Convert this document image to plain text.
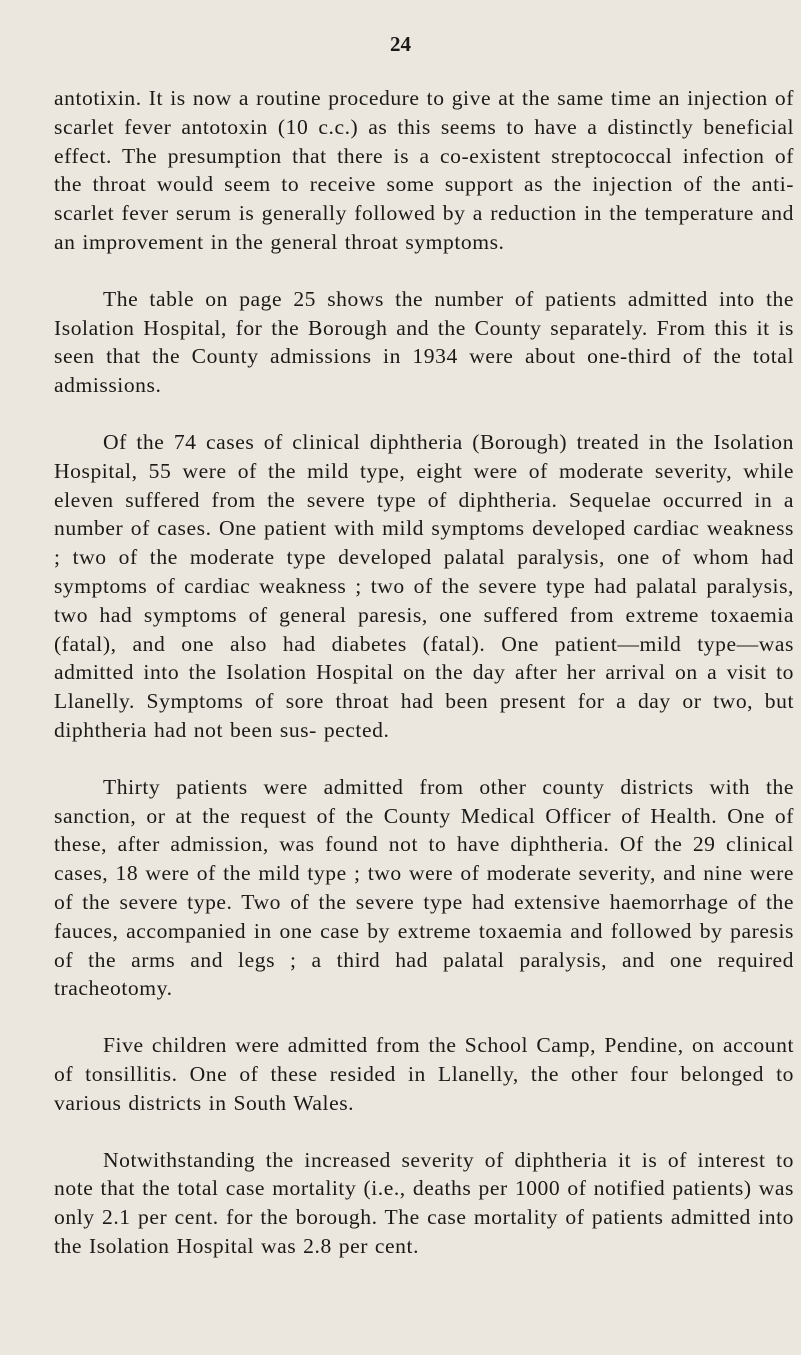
24

antotixin. It is now a routine procedure to give at the same time an injection of scarlet fever antotoxin (10 c.c.) as this seems to have a distinctly beneficial effect. The presumption that there is a co-existent streptococcal infection of the throat would seem to receive some support as the injection of the anti-scarlet fever serum is generally followed by a reduction in the temperature and an improvement in the general throat symptoms.

The table on page 25 shows the number of patients admitted into the Isolation Hospital, for the Borough and the County separately. From this it is seen that the County admissions in 1934 were about one-third of the total admissions.

Of the 74 cases of clinical diphtheria (Borough) treated in the Isolation Hospital, 55 were of the mild type, eight were of moderate severity, while eleven suffered from the severe type of diphtheria. Sequelae occurred in a number of cases. One patient with mild symptoms developed cardiac weakness ; two of the moderate type developed palatal paralysis, one of whom had symptoms of cardiac weakness ; two of the severe type had palatal paralysis, two had symptoms of general paresis, one suffered from extreme toxaemia (fatal), and one also had diabetes (fatal). One patient—mild type—was admitted into the Isolation Hospital on the day after her arrival on a visit to Llanelly. Symptoms of sore throat had been present for a day or two, but diphtheria had not been sus- pected.

Thirty patients were admitted from other county districts with the sanction, or at the request of the County Medical Officer of Health. One of these, after admission, was found not to have diphtheria. Of the 29 clinical cases, 18 were of the mild type ; two were of moderate severity, and nine were of the severe type. Two of the severe type had extensive haemorrhage of the fauces, accompanied in one case by extreme toxaemia and followed by paresis of the arms and legs ; a third had palatal paralysis, and one required tracheotomy.

Five children were admitted from the School Camp, Pendine, on account of tonsillitis. One of these resided in Llanelly, the other four belonged to various districts in South Wales.

Notwithstanding the increased severity of diphtheria it is of interest to note that the total case mortality (i.e., deaths per 1000 of notified patients) was only 2.1 per cent. for the borough. The case mortality of patients admitted into the Isolation Hospital was 2.8 per cent.
